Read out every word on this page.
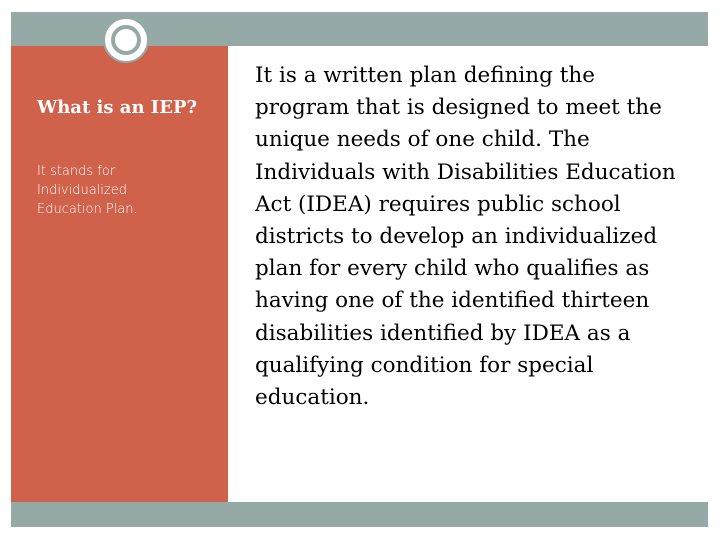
What is an IEP?

It stands for Individualized Education Plan.

It is a written plan defining the program that is designed to meet the unique needs of one child. The Individuals with Disabilities Education Act (IDEA) requires public school districts to develop an individualized plan for every child who qualifies as having one of the identified thirteen disabilities identified by IDEA as a qualifying condition for special education.
